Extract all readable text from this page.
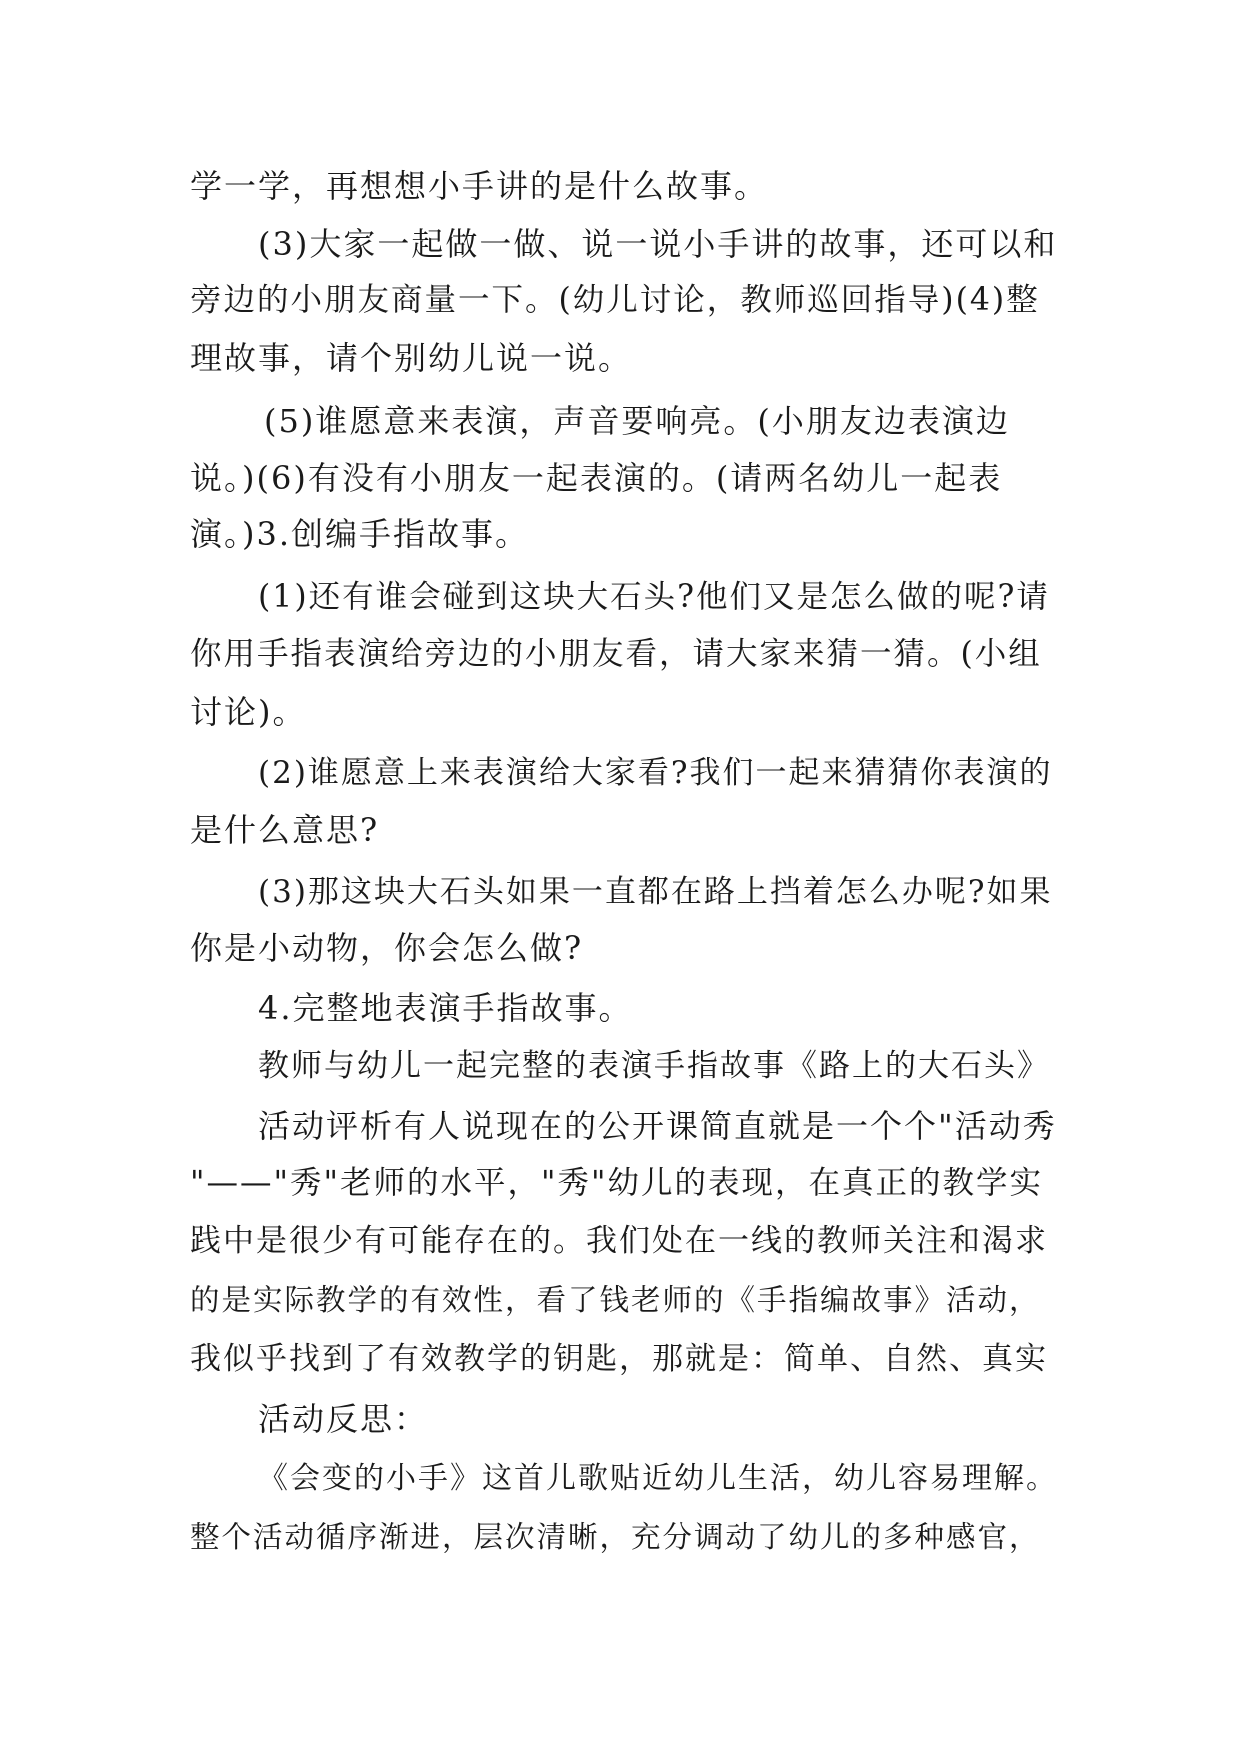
学一学，再想想小手讲的是什么故事。
(3)大家一起做一做、说一说小手讲的故事，还可以和
旁边的小朋友商量一下。(幼儿讨论，教师巡回指导)(4)整
理故事，请个别幼儿说一说。
(5)谁愿意来表演，声音要响亮。(小朋友边表演边
说。)(6)有没有小朋友一起表演的。(请两名幼儿一起表
演。)3.创编手指故事。
(1)还有谁会碰到这块大石头?他们又是怎么做的呢?请
你用手指表演给旁边的小朋友看，请大家来猜一猜。(小组
讨论)。
(2)谁愿意上来表演给大家看?我们一起来猜猜你表演的
是什么意思?
(3)那这块大石头如果一直都在路上挡着怎么办呢?如果
你是小动物，你会怎么做?
4.完整地表演手指故事。
教师与幼儿一起完整的表演手指故事《路上的大石头》
活动评析有人说现在的公开课简直就是一个个"活动秀
"——"秀"老师的水平，"秀"幼儿的表现，在真正的教学实
践中是很少有可能存在的。我们处在一线的教师关注和渴求
的是实际教学的有效性，看了钱老师的《手指编故事》活动，
我似乎找到了有效教学的钥匙，那就是：简单、自然、真实
活动反思：
《会变的小手》这首儿歌贴近幼儿生活，幼儿容易理解。
整个活动循序渐进，层次清晰，充分调动了幼儿的多种感官，
